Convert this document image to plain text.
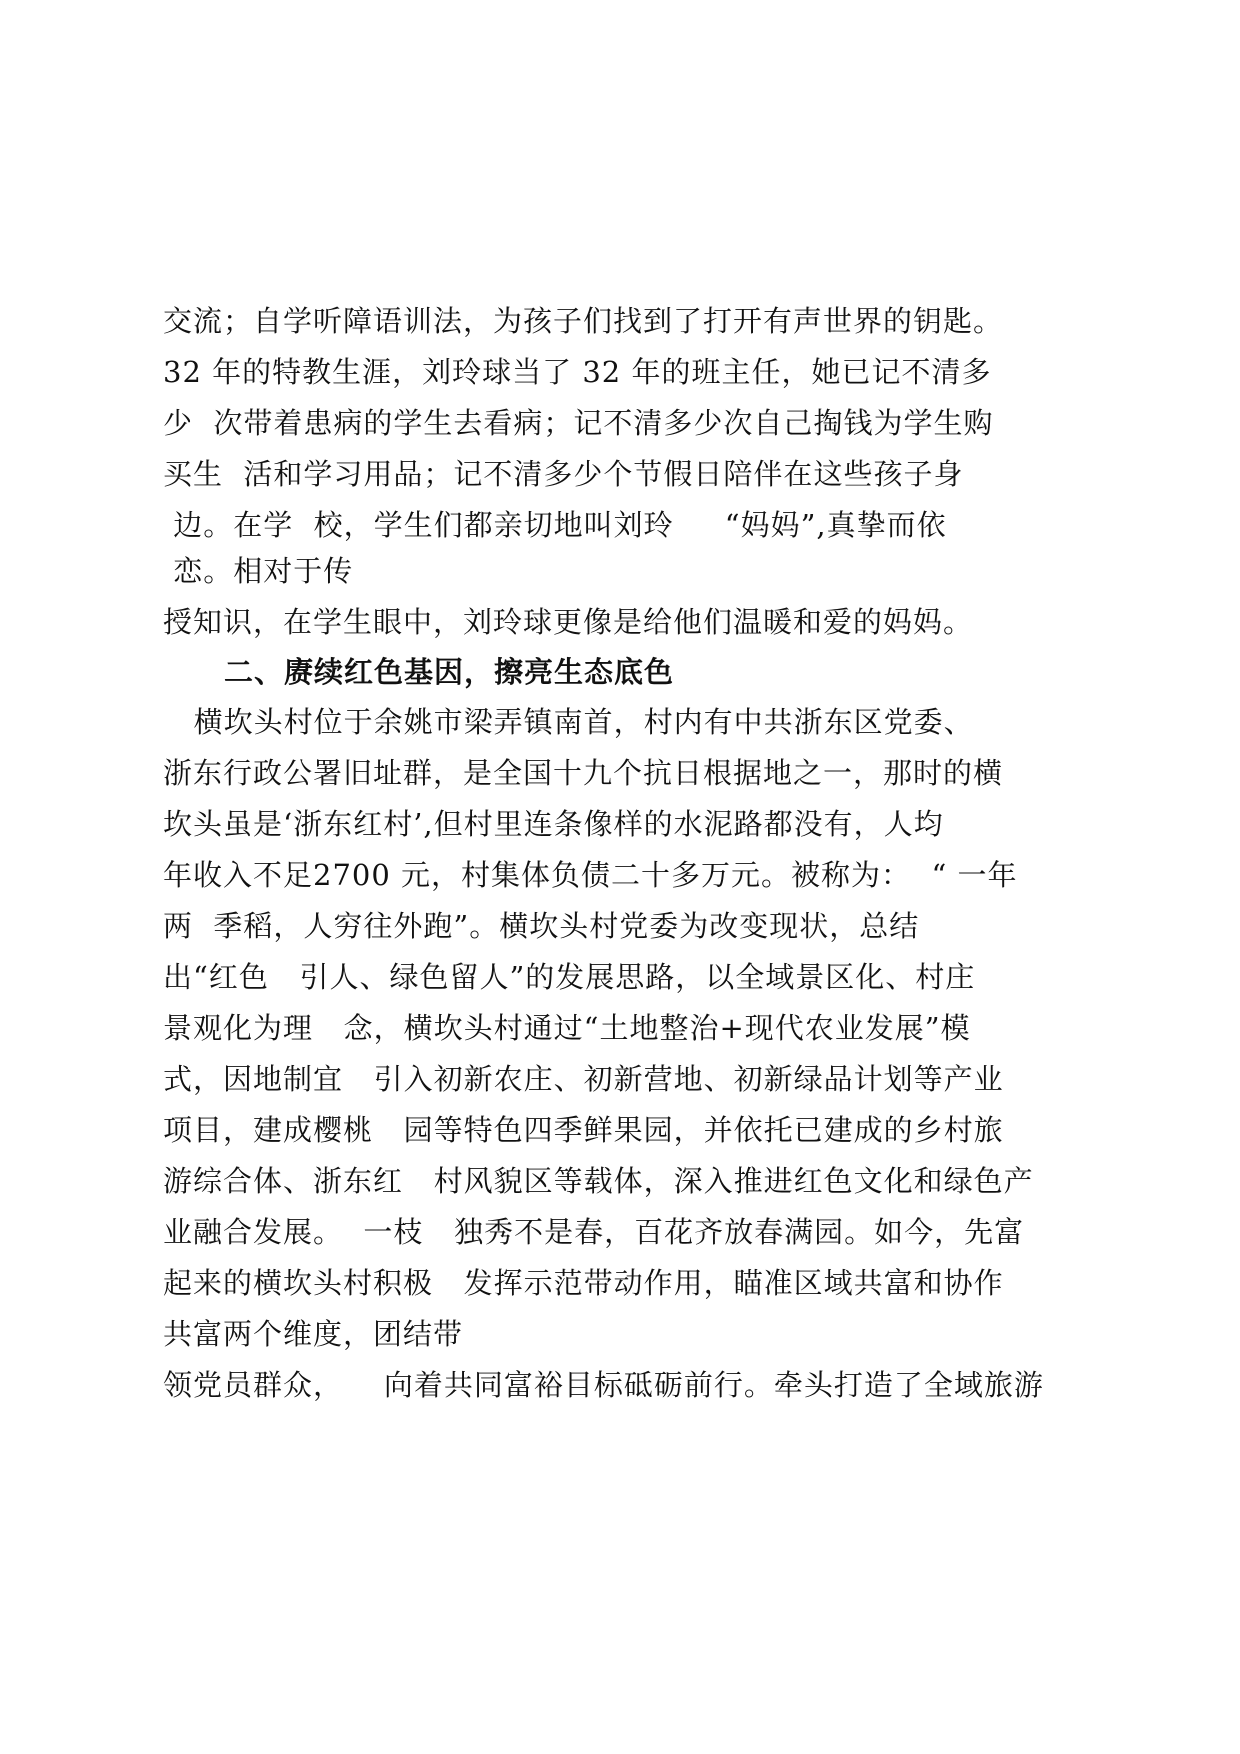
交流；自学听障语训法，为孩子们找到了打开有声世界的钥匙。
32 年的特教生涯，刘玲球当了 32 年的班主任，她已记不清多
少  次带着患病的学生去看病；记不清多少次自己掏钱为学生购
买生  活和学习用品；记不清多少个节假日陪伴在这些孩子身
边。在学  校，学生们都亲切地叫刘玲     “妈妈”,真挚而依
恋。相对于传
授知识，在学生眼中，刘玲球更像是给他们温暖和爱的妈妈。
二、赓续红色基因，擦亮生态底色
横坎头村位于余姚市梁弄镇南首，村内有中共浙东区党委、
浙东行政公署旧址群，是全国十九个抗日根据地之一，那时的横
坎头虽是‘浙东红村’,但村里连条像样的水泥路都没有，人均
年收入不足2700 元，村集体负债二十多万元。被称为：  “ 一年
两  季稻，人穷往外跑”。横坎头村党委为改变现状，总结
出“红色   引人、绿色留人”的发展思路，以全域景区化、村庄
景观化为理   念，横坎头村通过“土地整治+现代农业发展”模
式，因地制宜   引入初新农庄、初新营地、初新绿品计划等产业
项目，建成樱桃   园等特色四季鲜果园，并依托已建成的乡村旅
游综合体、浙东红   村风貌区等载体，深入推进红色文化和绿色产
业融合发展。  一枝   独秀不是春，百花齐放春满园。如今，先富
起来的横坎头村积极   发挥示范带动作用，瞄准区域共富和协作
共富两个维度，团结带
领党员群众，    向着共同富裕目标砥砺前行。牵头打造了全域旅游
